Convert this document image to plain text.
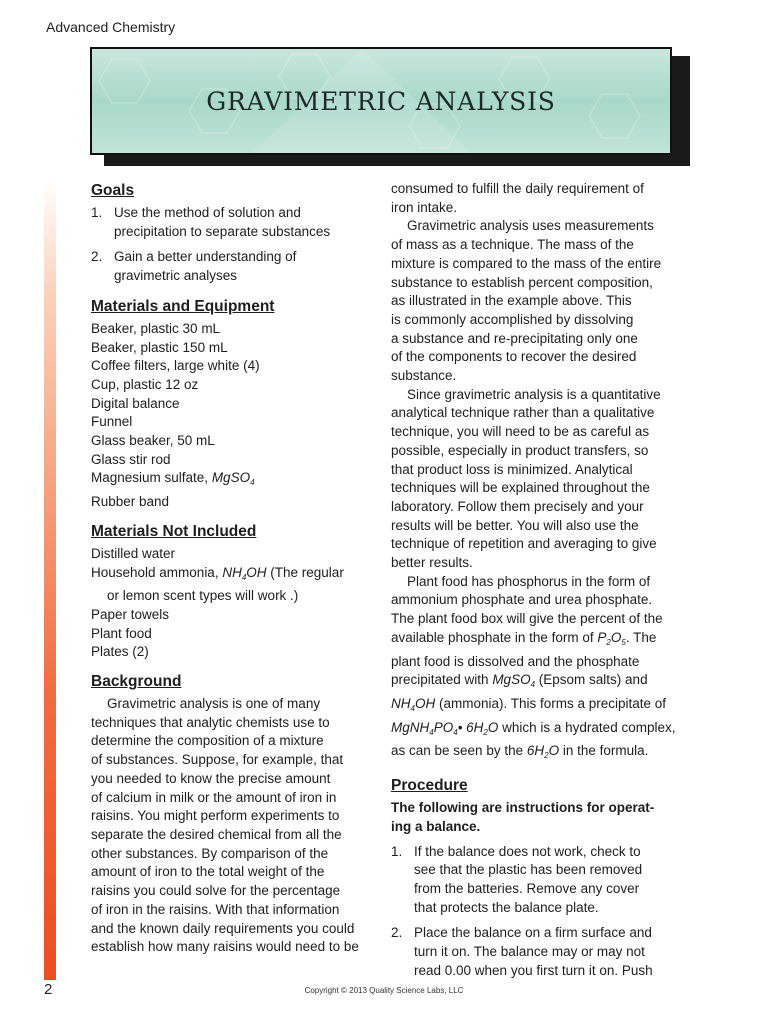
Advanced Chemistry
GRAVIMETRIC ANALYSIS
Goals
1. Use the method of solution and
precipitation to separate substances
2. Gain a better understanding of
gravimetric analyses
Materials and Equipment
Beaker, plastic 30 mL
Beaker, plastic 150 mL
Coffee filters, large white (4)
Cup, plastic 12 oz
Digital balance
Funnel
Glass beaker, 50 mL
Glass stir rod
Magnesium sulfate, MgSO$_4$
Rubber band
Materials Not Included
Distilled water
Household ammonia, $NH_4OH$ (The regular
or lemon scent types will work .)
Paper towels
Plant food
Plates (2)
Background
Gravimetric analysis is one of many
techniques that analytic chemists use to
determine the composition of a mixture
of substances. Suppose, for example, that
you needed to know the precise amount
of calcium in milk or the amount of iron in
raisins. You might perform experiments to
separate the desired chemical from all the
other substances. By comparison of the
amount of iron to the total weight of the
raisins you could solve for the percentage
of iron in the raisins. With that information
and the known daily requirements you could
establish how many raisins would need to be
consumed to fulfill the daily requirement of
iron intake.
Gravimetric analysis uses measurements
of mass as a technique. The mass of the
mixture is compared to the mass of the entire
substance to establish percent composition,
as illustrated in the example above. This
is commonly accomplished by dissolving
a substance and re-precipitating only one
of the components to recover the desired
substance.
Since gravimetric analysis is a quantitative
analytical technique rather than a qualitative
technique, you will need to be as careful as
possible, especially in product transfers, so
that product loss is minimized. Analytical
techniques will be explained throughout the
laboratory. Follow them precisely and your
results will be better. You will also use the
technique of repetition and averaging to give
better results.
Plant food has phosphorus in the form of
ammonium phosphate and urea phosphate.
The plant food box will give the percent of the
available phosphate in the form of $P_2O_5$. The
plant food is dissolved and the phosphate
precipitated with MgSO$_4$ (Epsom salts) and
$NH_4OH$ (ammonia). This forms a precipitate of
$MgNH_4PO_4•$ $6H_2O$ which is a hydrated complex,
as can be seen by the $6H_2O$ in the formula.
Procedure
The following are instructions for operat-
ing a balance.
1. If the balance does not work, check to
see that the plastic has been removed
from the batteries. Remove any cover
that protects the balance plate.
2. Place the balance on a firm surface and
turn it on. The balance may or may not
read 0.00 when you first turn it on. Push
2	Copyright © 2013 Quality Science Labs, LLC
